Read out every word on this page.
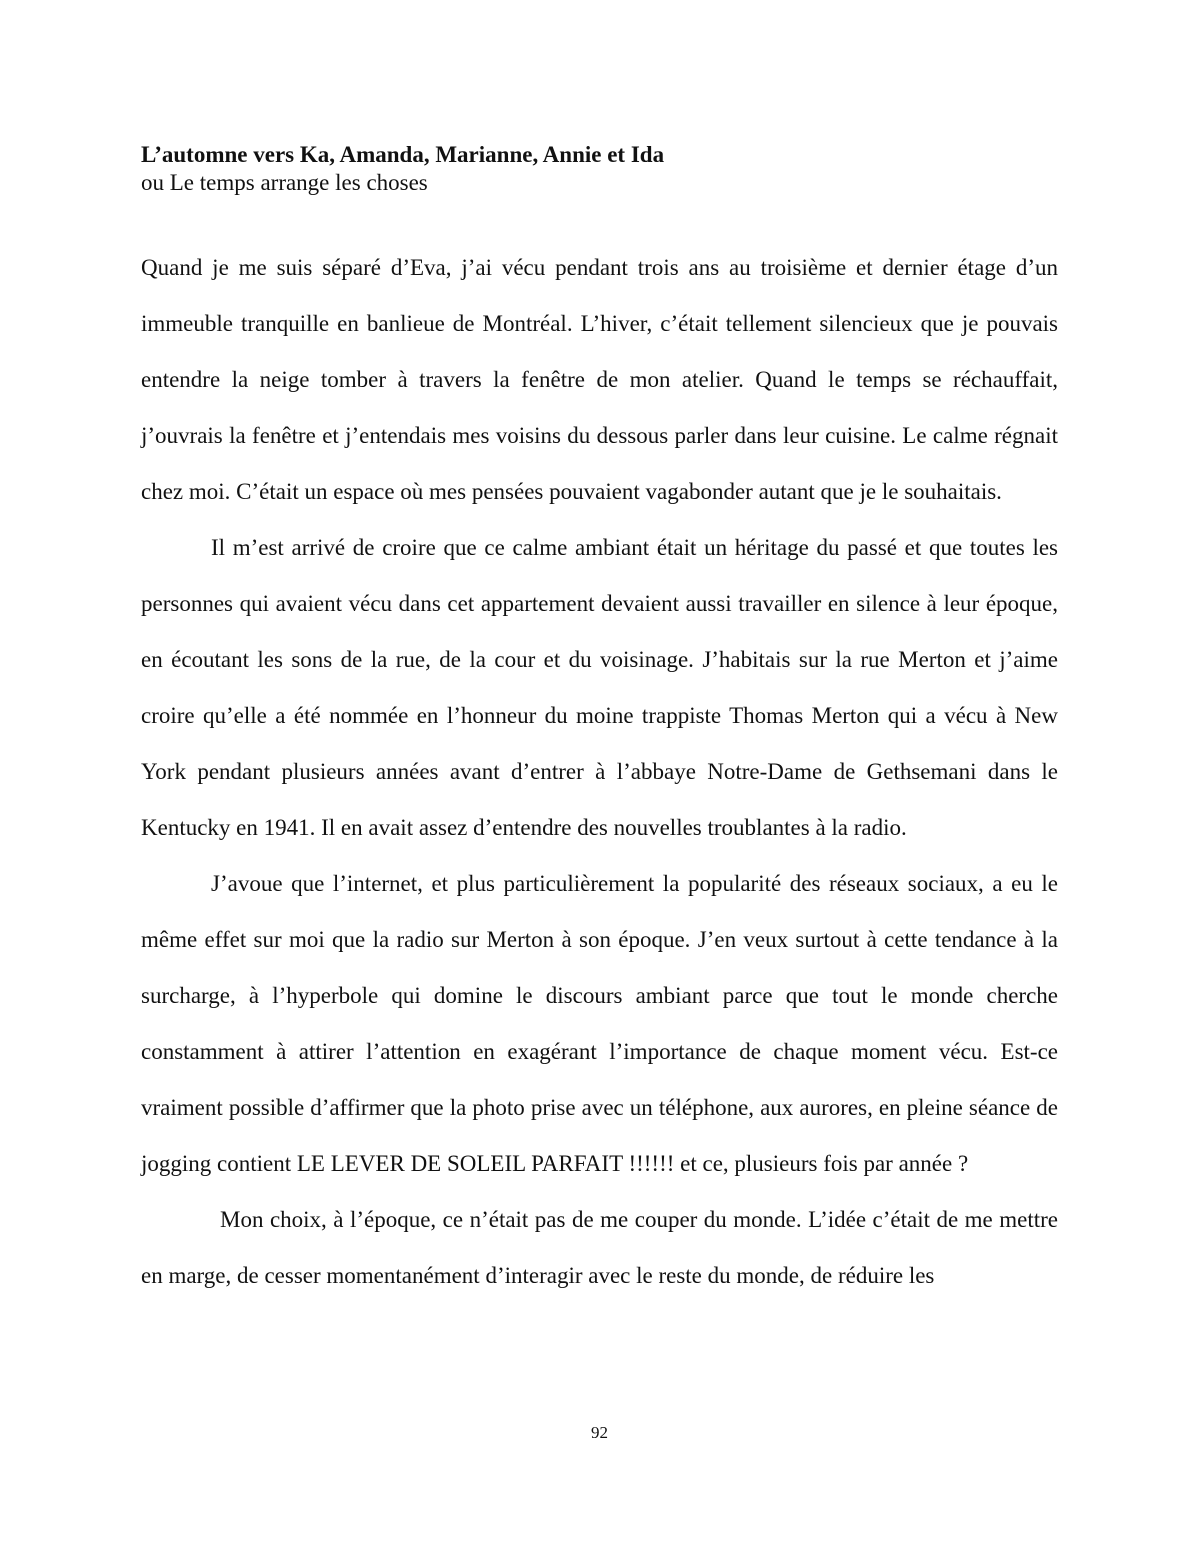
L’automne vers Ka, Amanda, Marianne, Annie et Ida
ou Le temps arrange les choses

Quand je me suis séparé d’Eva, j’ai vécu pendant trois ans au troisième et dernier étage d’un immeuble tranquille en banlieue de Montréal. L’hiver, c’était tellement silencieux que je pouvais entendre la neige tomber à travers la fenêtre de mon atelier. Quand le temps se réchauffait, j’ouvrais la fenêtre et j’entendais mes voisins du dessous parler dans leur cuisine. Le calme régnait chez moi. C’était un espace où mes pensées pouvaient vagabonder autant que je le souhaitais.

Il m’est arrivé de croire que ce calme ambiant était un héritage du passé et que toutes les personnes qui avaient vécu dans cet appartement devaient aussi travailler en silence à leur époque, en écoutant les sons de la rue, de la cour et du voisinage. J’habitais sur la rue Merton et j’aime croire qu’elle a été nommée en l’honneur du moine trappiste Thomas Merton qui a vécu à New York pendant plusieurs années avant d’entrer à l’abbaye Notre-Dame de Gethsemani dans le Kentucky en 1941. Il en avait assez d’entendre des nouvelles troublantes à la radio.

J’avoue que l’internet, et plus particulièrement la popularité des réseaux sociaux, a eu le même effet sur moi que la radio sur Merton à son époque. J’en veux surtout à cette tendance à la surcharge, à l’hyperbole qui domine le discours ambiant parce que tout le monde cherche constamment à attirer l’attention en exagérant l’importance de chaque moment vécu. Est-ce vraiment possible d’affirmer que la photo prise avec un téléphone, aux aurores, en pleine séance de jogging contient LE LEVER DE SOLEIL PARFAIT !!!!!! et ce, plusieurs fois par année ?

Mon choix, à l’époque, ce n’était pas de me couper du monde. L’idée c’était de me mettre en marge, de cesser momentanément d’interagir avec le reste du monde, de réduire les

92
